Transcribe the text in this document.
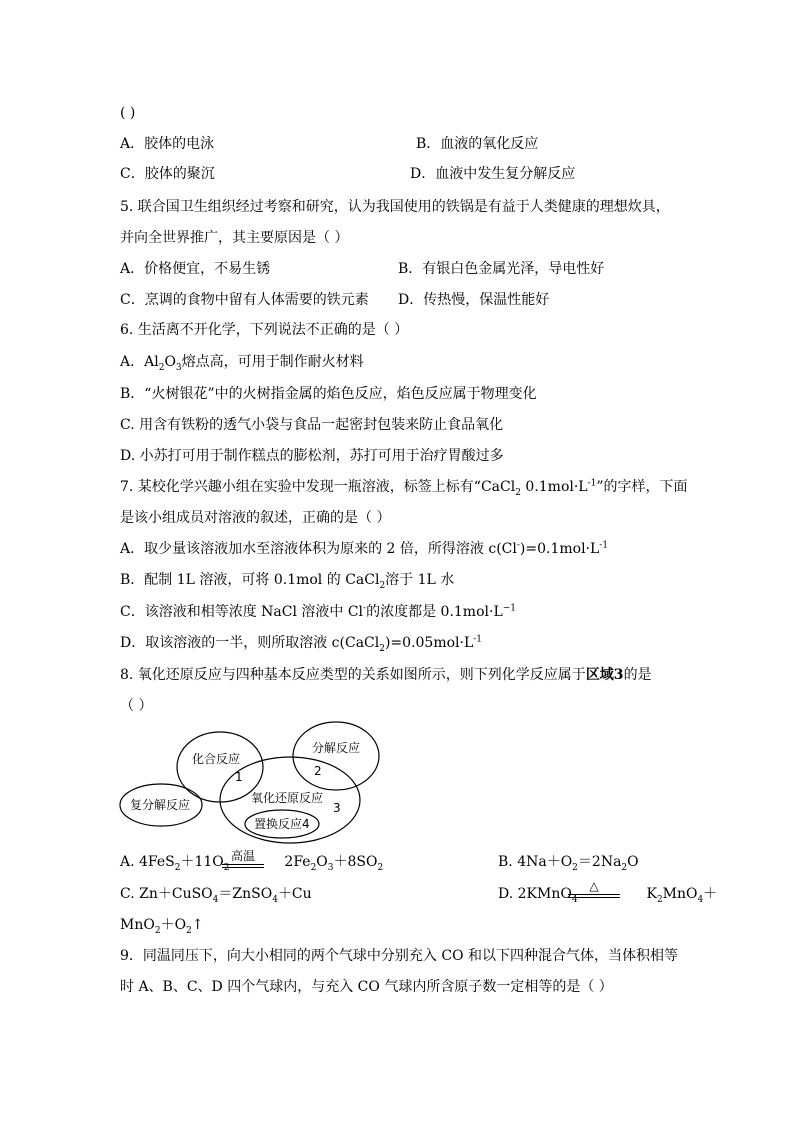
( )
A．胶体的电泳	B．血液的氧化反应
C．胶体的聚沉	D．血液中发生复分解反应
5. 联合国卫生组织经过考察和研究，认为我国使用的铁锅是有益于人类健康的理想炊具，
并向全世界推广，其主要原因是（ ）
A．价格便宜，不易生锈	B．有银白色金属光泽，导电性好
C．烹调的食物中留有人体需要的铁元素 D．传热慢，保温性能好
6. 生活离不开化学，下列说法不正确的是（ ）
A．$Al_2O_3$熔点高，可用于制作耐火材料
B．“火树银花”中的火树指金属的焰色反应，焰色反应属于物理变化
C. 用含有铁粉的透气小袋与食品一起密封包装来防止食品氧化
D. 小苏打可用于制作糕点的膨松剂，苏打可用于治疗胃酸过多
7. 某校化学兴趣小组在实验中发现一瓶溶液，标签上标有“CaCl$_2$ $0.1mol\cdot L^{-1}$”的字样，下面
是该小组成员对溶液的叙述，正确的是（ ）
A．取少量该溶液加水至溶液体积为原来的 2 倍，所得溶液 $c(Cl^-)=0.1mol\cdot L^{-1}$
B．配制 1L 溶液，可将 0.1mol 的 CaCl$_2$溶于 1L 水
C．该溶液和相等浓度 NaCl 溶液中 Cl-的浓度都是 $0.1mol\cdot L^{-1}$
D．取该溶液的一半，则所取溶液 $c(CaCl_2)=0.05mol\cdot L^{-1}$
8. 氧化还原反应与四种基本反应类型的关系如图所示，则下列化学反应属于区域3的是
（ ）
化合反应
分解反应
复分解反应	氧化还原反应
置换反应4
1	2
3
A. $4FeS_2+11O_2$	$2Fe_2O_3+8SO_2$
高温	B. $4Na+O_2=2Na_2O$
C. Zn＋CuSO$_4$＝ZnSO$_4$＋Cu	D. 2KMnO$_4$	$K_2MnO_4+$
△
$MnO_2+O_2↑$
9．同温同压下，向大小相同的两个气球中分别充入 CO 和以下四种混合气体，当体积相等
时 A、B、C、D 四个气球内，与充入 CO 气球内所含原子数一定相等的是（ ）
